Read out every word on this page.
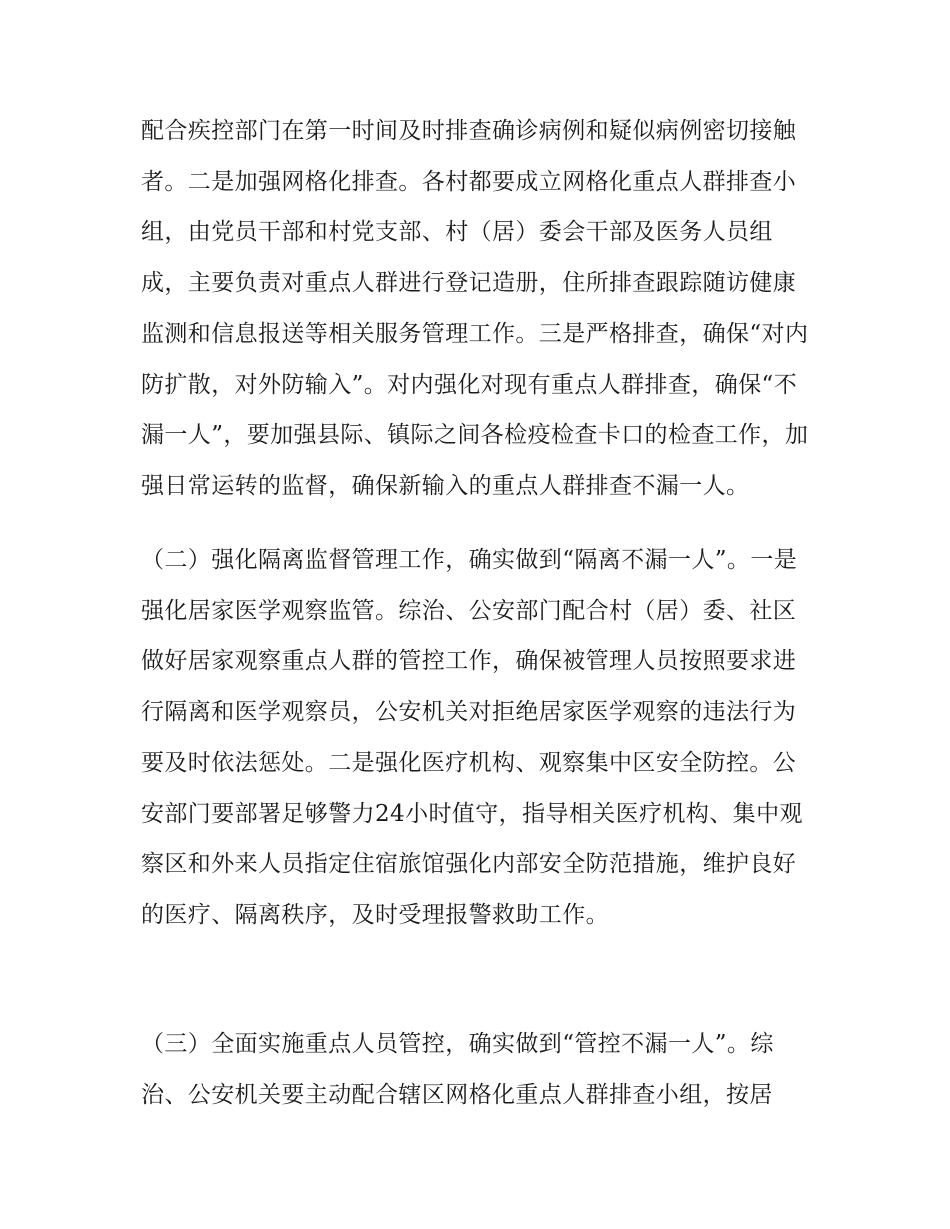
配合疾控部门在第一时间及时排查确诊病例和疑似病例密切接触者。二是加强网格化排查。各村都要成立网格化重点人群排查小组，由党员干部和村党支部、村（居）委会干部及医务人员组成，主要负责对重点人群进行登记造册，住所排查跟踪随访健康监测和信息报送等相关服务管理工作。三是严格排查，确保“对内防扩散，对外防输入”。对内强化对现有重点人群排查，确保“不漏一人”，要加强县际、镇际之间各检疫检查卡口的检查工作，加强日常运转的监督，确保新输入的重点人群排查不漏一人。

（二）强化隔离监督管理工作，确实做到“隔离不漏一人”。一是强化居家医学观察监管。综治、公安部门配合村（居）委、社区做好居家观察重点人群的管控工作，确保被管理人员按照要求进行隔离和医学观察员，公安机关对拒绝居家医学观察的违法行为要及时依法惩处。二是强化医疗机构、观察集中区安全防控。公安部门要部署足够警力24小时值守，指导相关医疗机构、集中观察区和外来人员指定住宿旅馆强化内部安全防范措施，维护良好的医疗、隔离秩序，及时受理报警救助工作。

（三）全面实施重点人员管控，确实做到“管控不漏一人”。综治、公安机关要主动配合辖区网格化重点人群排查小组，按居
